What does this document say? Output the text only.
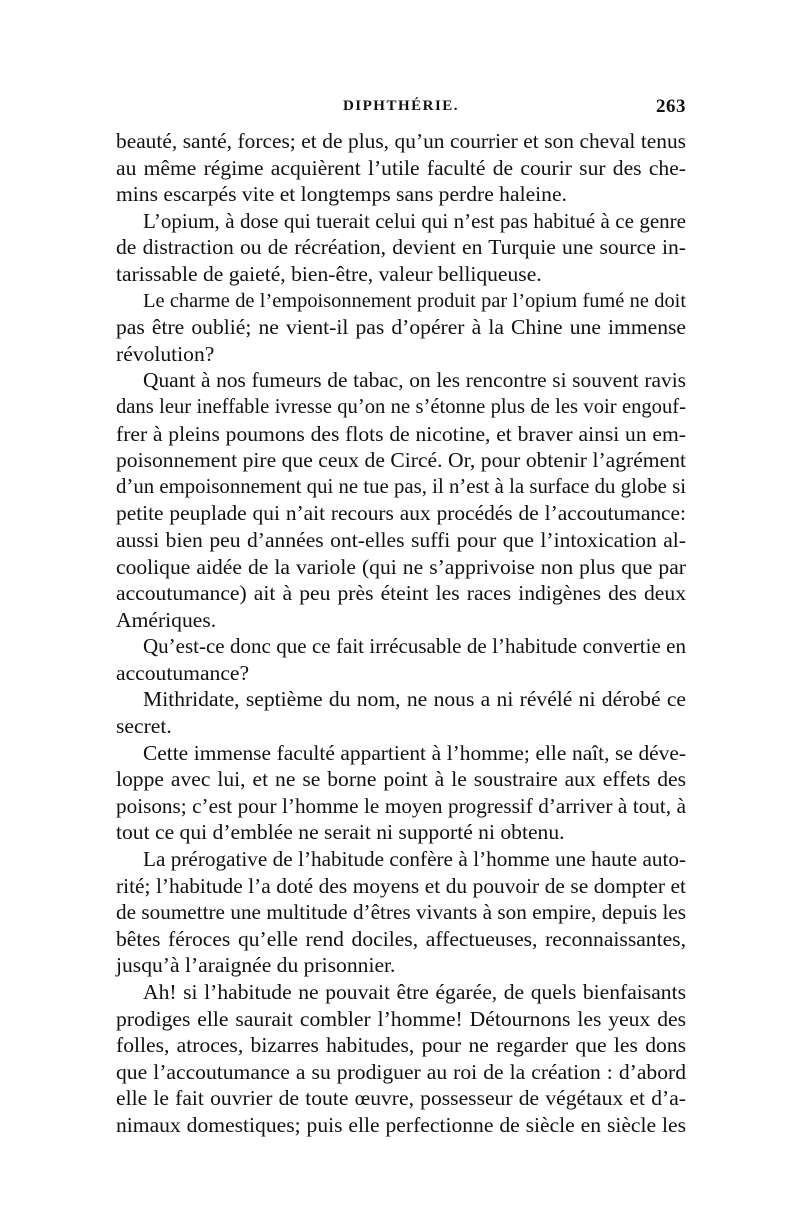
DIPHTHÉRIE.	263
beauté, santé, forces; et de plus, qu’un courrier et son cheval tenus
au même régime acquièrent l’utile faculté de courir sur des che-
mins escarpés vite et longtemps sans perdre haleine.
L’opium, à dose qui tuerait celui qui n’est pas habitué à ce genre
de distraction ou de récréation, devient en Turquie une source in-
tarissable de gaieté, bien-être, valeur belliqueuse.
Le charme de l’empoisonnement produit par l’opium fumé ne doit
pas être oublié; ne vient-il pas d’opérer à la Chine une immense
révolution?
Quant à nos fumeurs de tabac, on les rencontre si souvent ravis
dans leur ineffable ivresse qu’on ne s’étonne plus de les voir engouf-
frer à pleins poumons des flots de nicotine, et braver ainsi un em-
poisonnement pire que ceux de Circé. Or, pour obtenir l’agrément
d’un empoisonnement qui ne tue pas, il n’est à la surface du globe si
petite peuplade qui n’ait recours aux procédés de l’accoutumance:
aussi bien peu d’années ont-elles suffi pour que l’intoxication al-
coolique aidée de la variole (qui ne s’apprivoise non plus que par
accoutumance) ait à peu près éteint les races indigènes des deux
Amériques.
Qu’est-ce donc que ce fait irrécusable de l’habitude convertie en
accoutumance?
Mithridate, septième du nom, ne nous a ni révélé ni dérobé ce
secret.
Cette immense faculté appartient à l’homme; elle naît, se déve-
loppe avec lui, et ne se borne point à le soustraire aux effets des
poisons; c’est pour l’homme le moyen progressif d’arriver à tout, à
tout ce qui d’emblée ne serait ni supporté ni obtenu.
La prérogative de l’habitude confère à l’homme une haute auto-
rité; l’habitude l’a doté des moyens et du pouvoir de se dompter et
de soumettre une multitude d’êtres vivants à son empire, depuis les
bêtes féroces qu’elle rend dociles, affectueuses, reconnaissantes,
jusqu’à l’araignée du prisonnier.
Ah! si l’habitude ne pouvait être égarée, de quels bienfaisants
prodiges elle saurait combler l’homme! Détournons les yeux des
folles, atroces, bizarres habitudes, pour ne regarder que les dons
que l’accoutumance a su prodiguer au roi de la création : d’abord
elle le fait ouvrier de toute œuvre, possesseur de végétaux et d’a-
nimaux domestiques; puis elle perfectionne de siècle en siècle les
